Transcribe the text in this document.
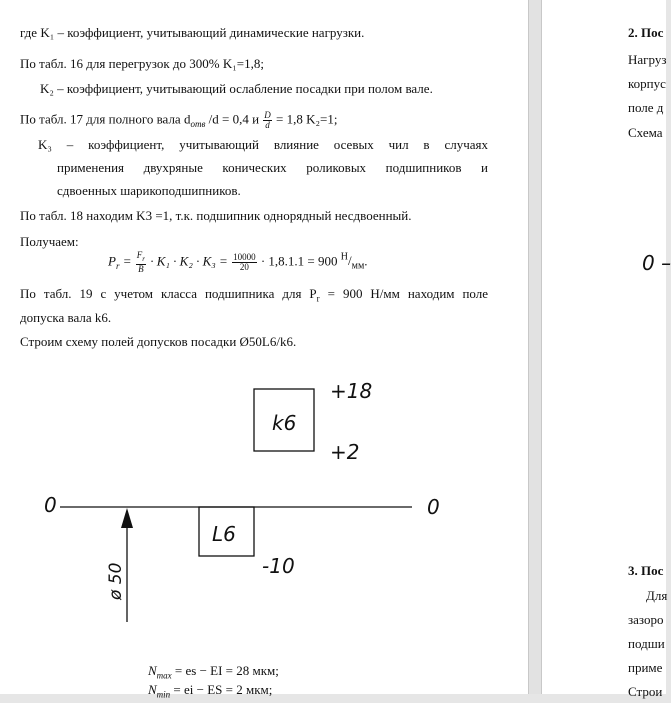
где K₁ – коэффициент, учитывающий динамические нагрузки.
По табл. 16 для перегрузок до 300% K₁=1,8;
K₂ – коэффициент, учитывающий ослабление посадки при полом вале.
По табл. 17 для полного вала $d_{отв}$ /d = 0,4 и $\frac{D}{d} = 1,8$ K₂=1;
K₃ – коэффициент, учитывающий влияние осевых чил в случаях
применения двухряные конических роликовых подшипников и
сдвоенных шарикоподшипников.
По табл. 18 находим K3 =1, т.к. подшипник однорядный несдвоенный.
Получаем:
$P_r = \frac{F_r}{B} \cdot K_1 \cdot K_2 \cdot K_3 = \frac{10000}{20} \cdot 1,8.1.1 = 900$ $^Н/_{мм}$.
По табл. 19 с учетом класса подшипника для $P_r = 900$ Н/мм находим поле
допуска вала k6.
Строим схему полей допусков посадки Ø50L6/k6.
k6
+18
+2
0	0
L6
-10
ø 50
$N_{max}$ = es − EI = 28 мкм;
$N_{min}$ = ei − ES = 2 мкм;
2. Пос
Нагруз
корпус
поле д
Схема
0 –
3. Пос
Для
зазоро
подши
приме
Строи
